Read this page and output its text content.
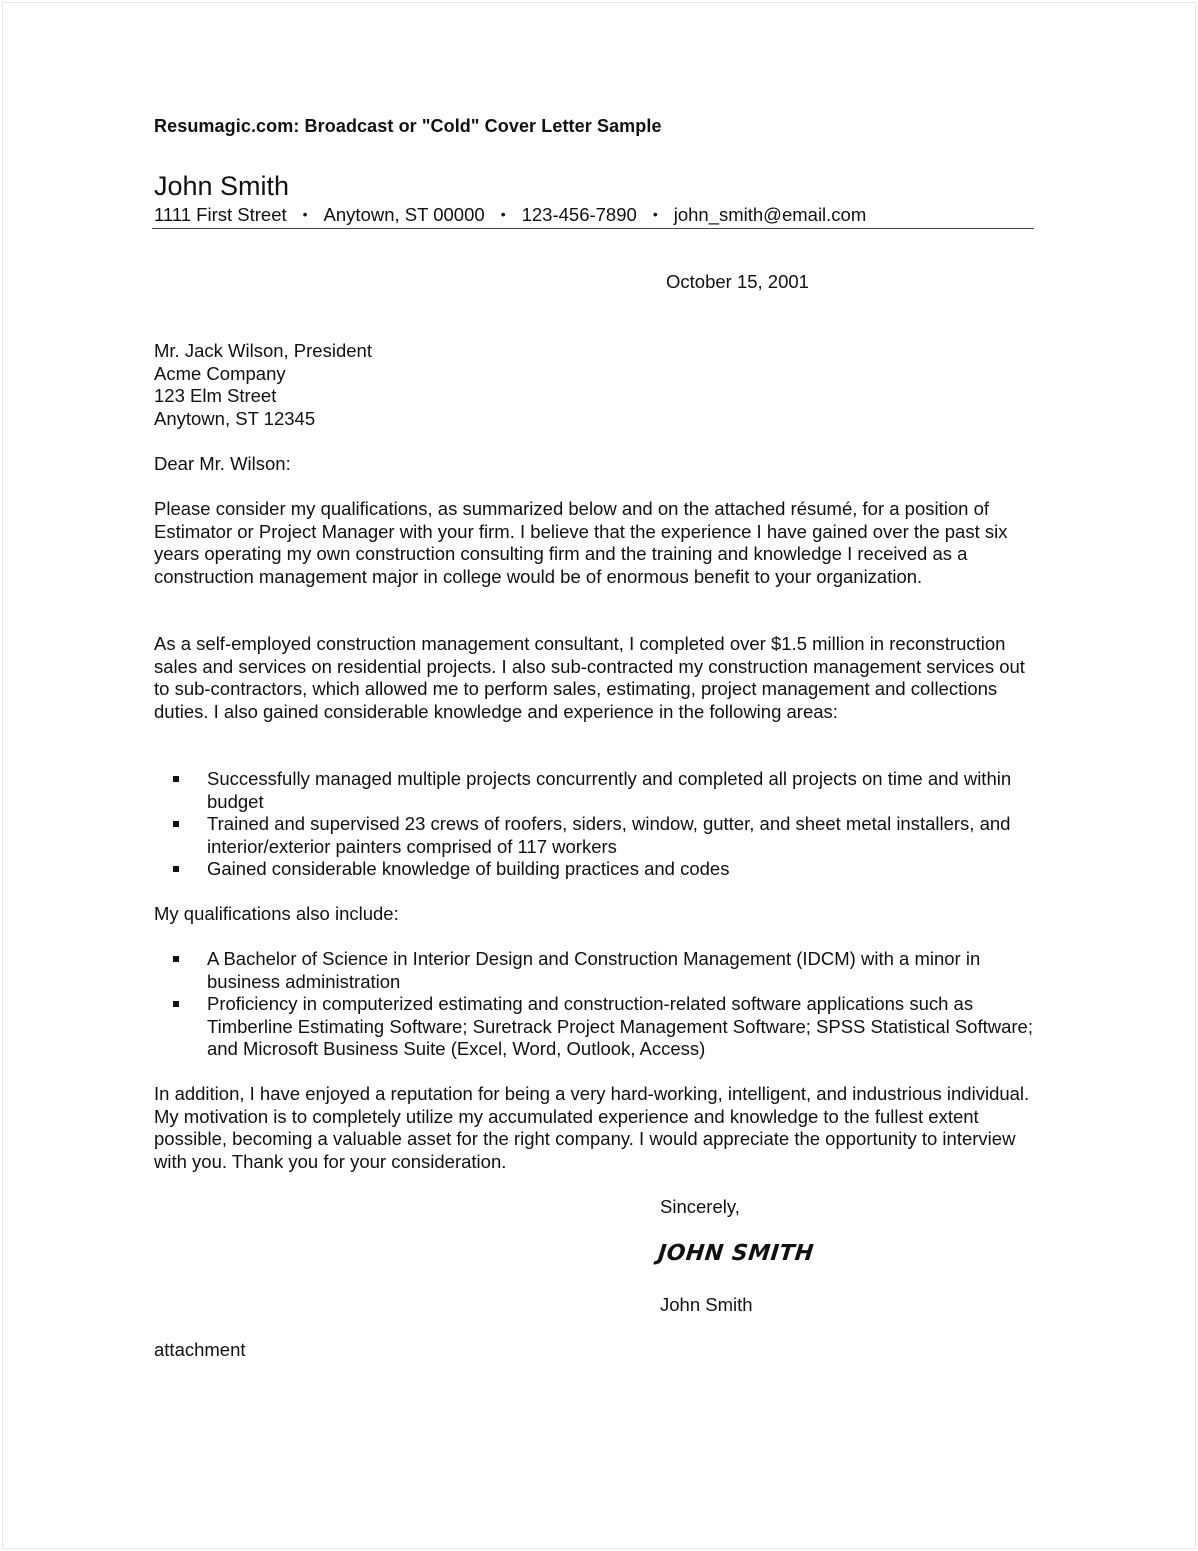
Resumagic.com: Broadcast or "Cold" Cover Letter Sample
John Smith
1111 First Street • Anytown, ST 00000 • 123-456-7890 • john_smith@email.com
October 15, 2001
Mr. Jack Wilson, President
Acme Company
123 Elm Street
Anytown, ST 12345
Dear Mr. Wilson:

Please consider my qualifications, as summarized below and on the attached résumé, for a position of Estimator or Project Manager with your firm. I believe that the experience I have gained over the past six years operating my own construction consulting firm and the training and knowledge I received as a construction management major in college would be of enormous benefit to your organization.

As a self-employed construction management consultant, I completed over $1.5 million in reconstruction sales and services on residential projects. I also sub-contracted my construction management services out to sub-contractors, which allowed me to perform sales, estimating, project management and collections duties. I also gained considerable knowledge and experience in the following areas:

Successfully managed multiple projects concurrently and completed all projects on time and within budget
Trained and supervised 23 crews of roofers, siders, window, gutter, and sheet metal installers, and interior/exterior painters comprised of 117 workers
Gained considerable knowledge of building practices and codes
My qualifications also include:
A Bachelor of Science in Interior Design and Construction Management (IDCM) with a minor in business administration
Proficiency in computerized estimating and construction-related software applications such as Timberline Estimating Software; Suretrack Project Management Software; SPSS Statistical Software; and Microsoft Business Suite (Excel, Word, Outlook, Access)

In addition, I have enjoyed a reputation for being a very hard-working, intelligent, and industrious individual. My motivation is to completely utilize my accumulated experience and knowledge to the fullest extent possible, becoming a valuable asset for the right company. I would appreciate the opportunity to interview with you. Thank you for your consideration.

Sincerely,
JOHN SMITH
John Smith
attachment
